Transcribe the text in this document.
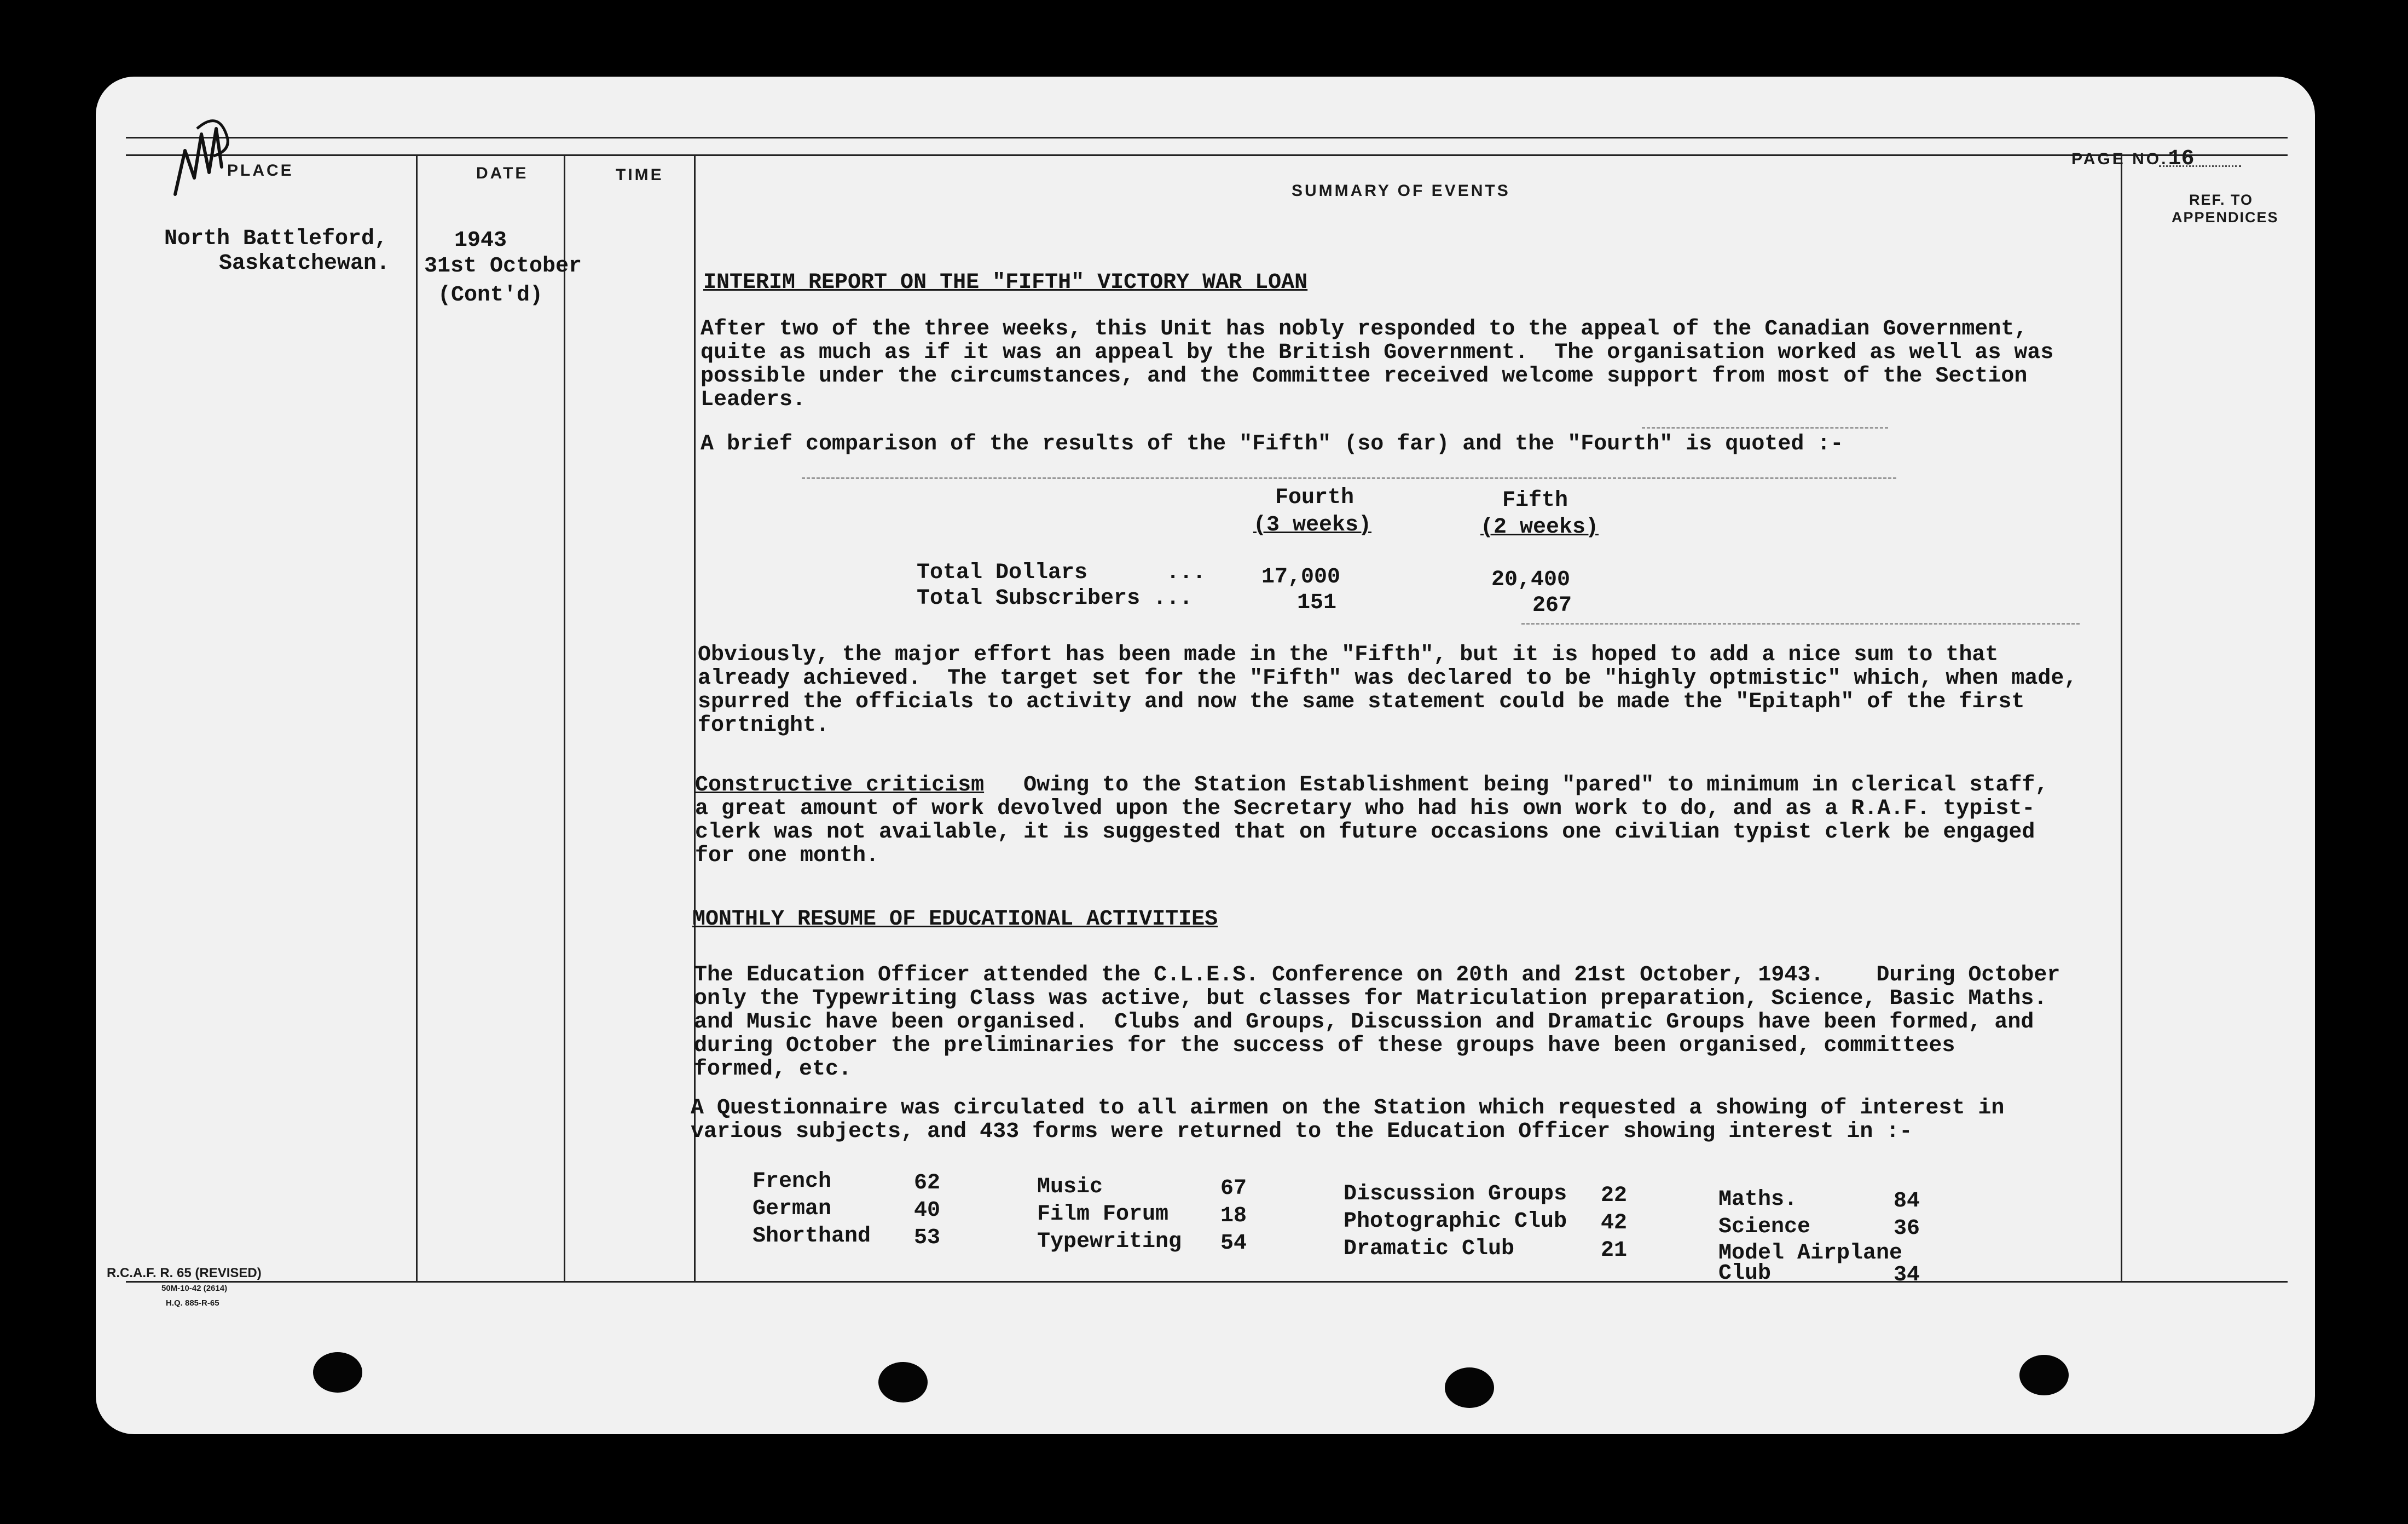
PLACE	DATE	TIME
SUMMARY OF EVENTS
PAGE NO.16
REF. TO
APPENDICES
North Battleford,
Saskatchewan.
1943
31st October
(Cont'd)
INTERIM REPORT ON THE "FIFTH" VICTORY WAR LOAN
After two of the three weeks, this Unit has nobly responded to the appeal of the Canadian Government,
quite as much as if it was an appeal by the British Government.  The organisation worked as well as was
possible under the circumstances, and the Committee received welcome support from most of the Section
Leaders.
A brief comparison of the results of the "Fifth" (so far) and the "Fourth" is quoted :-
Fourth
(3 weeks)
Fifth
(2 weeks)
Total Dollars      ...	17,000	20,400
Total Subscribers ...	151	267
Obviously, the major effort has been made in the "Fifth", but it is hoped to add a nice sum to that
already achieved.  The target set for the "Fifth" was declared to be "highly optmistic" which, when made,
spurred the officials to activity and now the same statement could be made the "Epitaph" of the first
fortnight.
Constructive criticism   Owing to the Station Establishment being "pared" to minimum in clerical staff,
a great amount of work devolved upon the Secretary who had his own work to do, and as a R.A.F. typist-
clerk was not available, it is suggested that on future occasions one civilian typist clerk be engaged
for one month.
MONTHLY RESUME OF EDUCATIONAL ACTIVITIES
The Education Officer attended the C.L.E.S. Conference on 20th and 21st October, 1943.    During October
only the Typewriting Class was active, but classes for Matriculation preparation, Science, Basic Maths.
and Music have been organised.  Clubs and Groups, Discussion and Dramatic Groups have been formed, and
during October the preliminaries for the success of these groups have been organised, committees
formed, etc.
A Questionnaire was circulated to all airmen on the Station which requested a showing of interest in
various subjects, and 433 forms were returned to the Education Officer showing interest in :-
French	62
German	40
Shorthand 53
Music	67
Film Forum 18
Typewriting 54
Discussion Groups 22
Photographic Club 42
Dramatic Club	21
Maths.	84
Science	36
Model Airplane
Club	34
R.C.A.F. R. 65 (REVISED)
50M-10-42 (2614)
H.Q. 885-R-65
